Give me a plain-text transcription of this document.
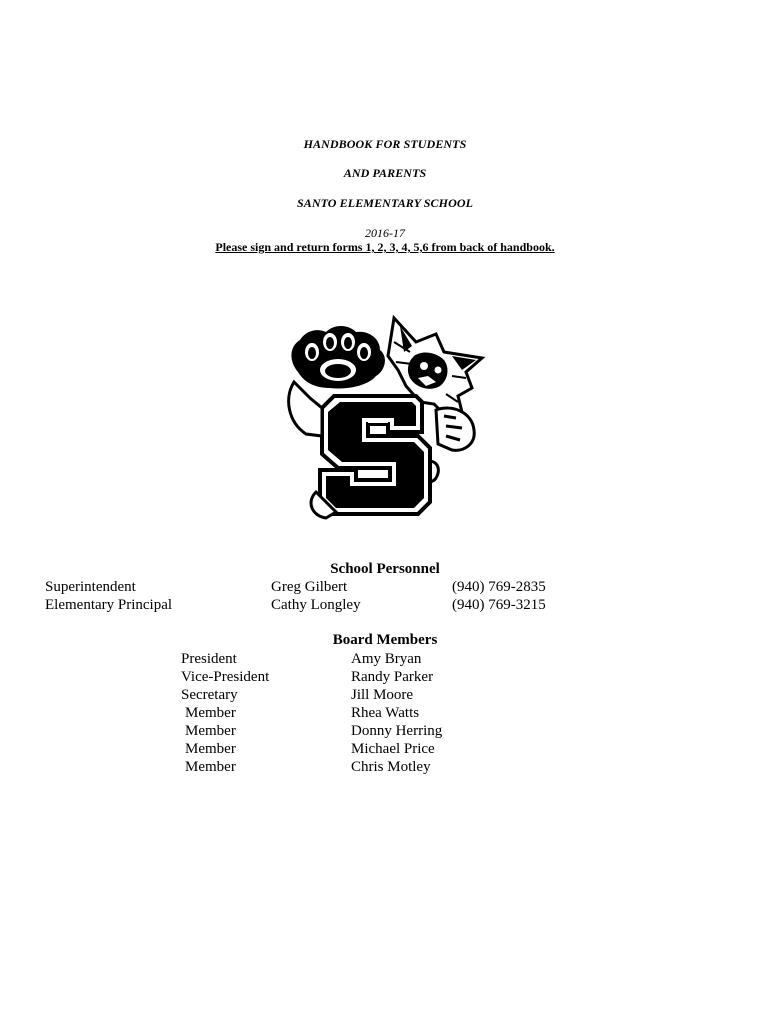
HANDBOOK FOR STUDENTS
AND PARENTS
SANTO ELEMENTARY SCHOOL
2016-17
Please sign and return forms 1, 2, 3, 4, 5,6 from back of handbook.
School Personnel
Superintendent	Greg Gilbert	(940) 769-2835
Elementary Principal	Cathy Longley	(940) 769-3215
Board Members
President	Amy Bryan
Vice-President	Randy Parker
Secretary	Jill Moore
Member	Rhea Watts
Member	Donny Herring
Member	Michael Price
Member	Chris Motley
